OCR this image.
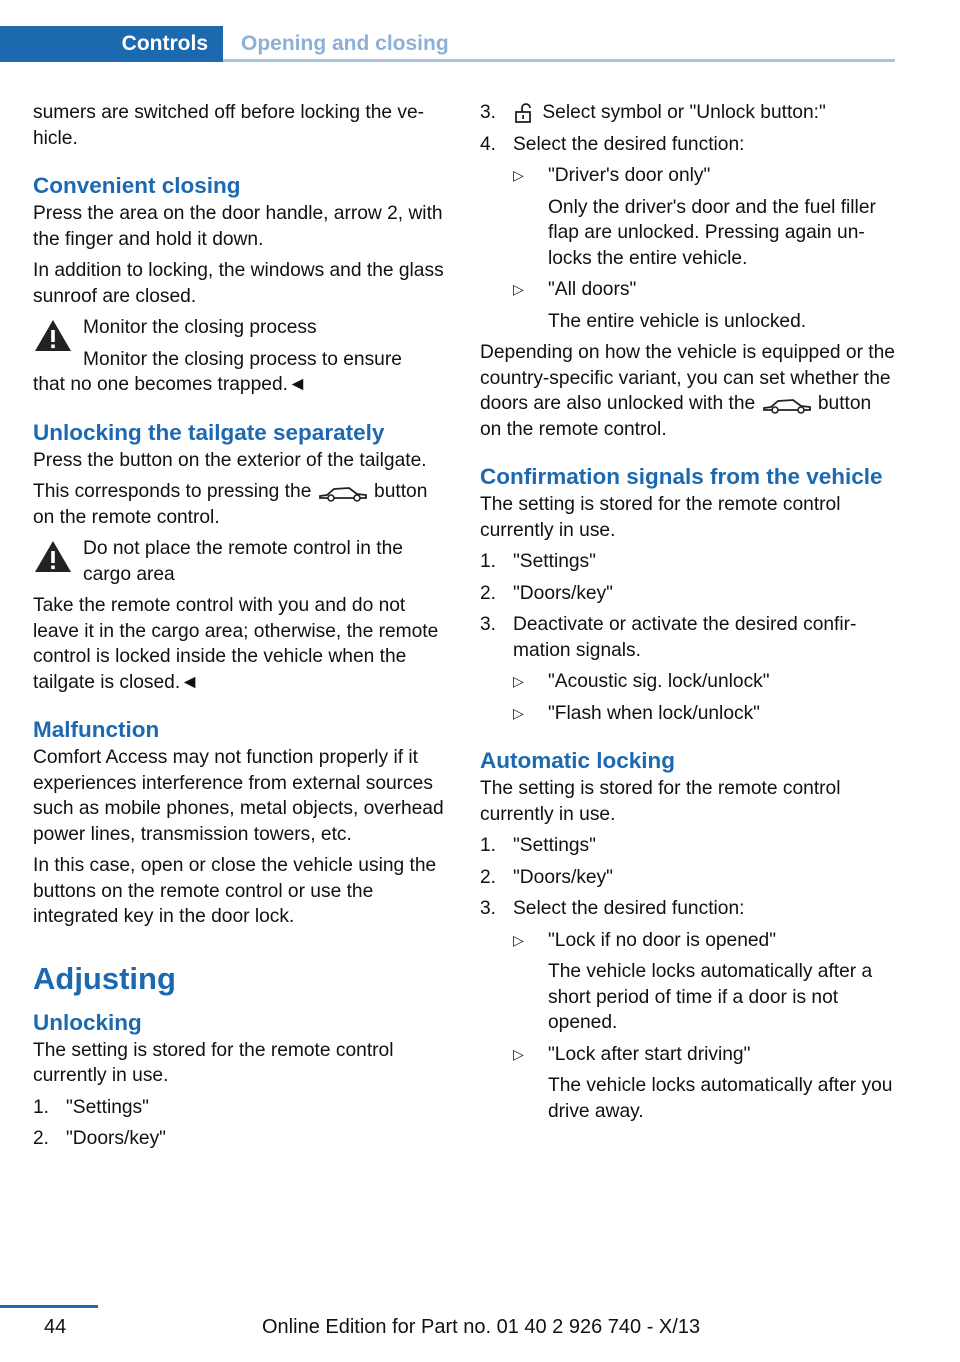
Controls	Opening and closing

sumers are switched off before locking the vehicle.

Convenient closing

Press the area on the door handle, arrow 2, with the finger and hold it down.

In addition to locking, the windows and the glass sunroof are closed.

Monitor the closing process

Monitor the closing process to ensure

that no one becomes trapped.◄

Unlocking the tailgate separately

Press the button on the exterior of the tailgate.

This corresponds to pressing the	button on the remote control.

Do not place the remote control in the cargo area

Take the remote control with you and do not leave it in the cargo area; otherwise, the remote control is locked inside the vehicle when the tailgate is closed.◄

Malfunction

Comfort Access may not function properly if it experiences interference from external sources such as mobile phones, metal objects, overhead power lines, transmission towers, etc.

In this case, open or close the vehicle using the buttons on the remote control or use the integrated key in the door lock.

Adjusting
Unlocking

The setting is stored for the remote control currently in use.

1. "Settings"
2. "Doors/key"
3. Select symbol or "Unlock button:"
4. Select the desired function:
▷ "Driver's door only"
Only the driver's door and the fuel filler flap are unlocked. Pressing again unlocks the entire vehicle.
▷ "All doors"
The entire vehicle is unlocked.

Depending on how the vehicle is equipped or the country-specific variant, you can set whether the doors are also unlocked with the	button on the remote control.

Confirmation signals from the vehicle

The setting is stored for the remote control currently in use.

1. "Settings"
2. "Doors/key"
3. Deactivate or activate the desired confirmation signals.
▷ "Acoustic sig. lock/unlock"
▷ "Flash when lock/unlock"
Automatic locking

The setting is stored for the remote control currently in use.

1. "Settings"
2. "Doors/key"
3. Select the desired function:
▷ "Lock if no door is opened"
The vehicle locks automatically after a short period of time if a door is not opened.
▷ "Lock after start driving"
The vehicle locks automatically after you drive away.
44	Online Edition for Part no. 01 40 2 926 740 - X/13
